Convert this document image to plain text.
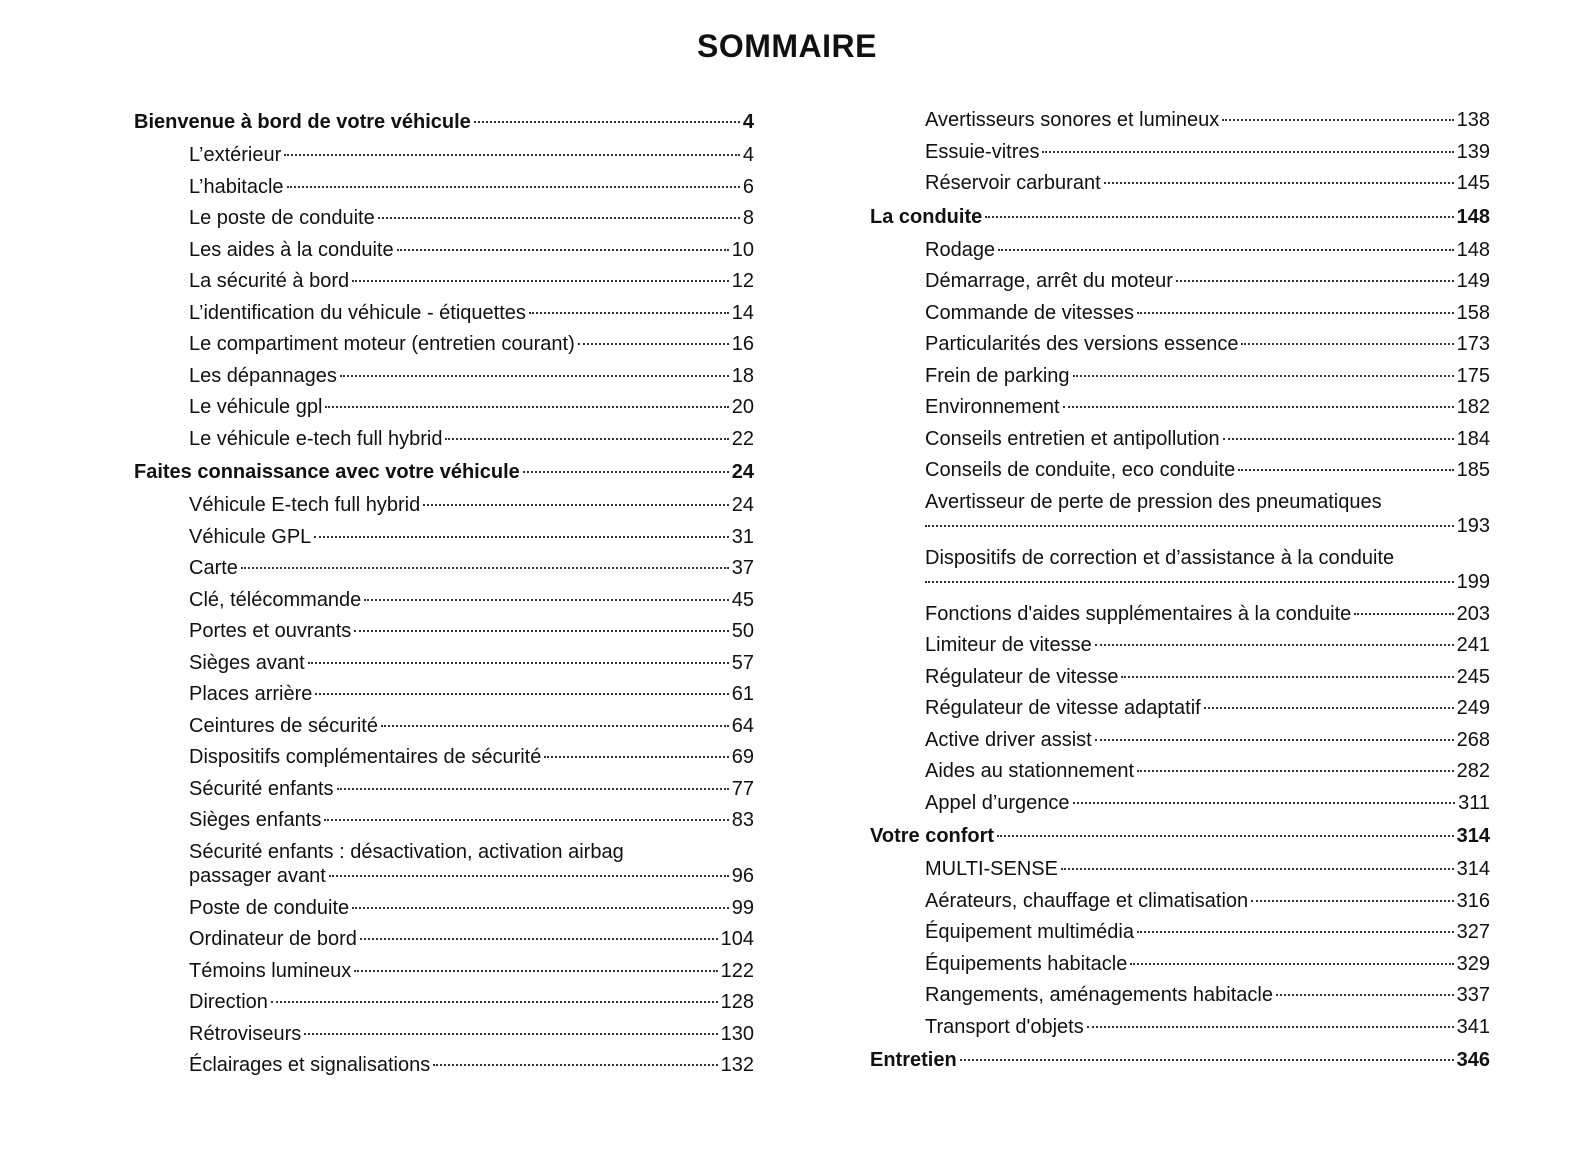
SOMMAIRE
Bienvenue à bord de votre véhicule	4
L’extérieur	4
L’habitacle	6
Le poste de conduite	8
Les aides à la conduite	10
La sécurité à bord	12
L’identification du véhicule - étiquettes	14
Le compartiment moteur (entretien courant)	16
Les dépannages	18
Le véhicule gpl	20
Le véhicule e-tech full hybrid	22
Faites connaissance avec votre véhicule	24
Véhicule E-tech full hybrid	24
Véhicule GPL	31
Carte	37
Clé, télécommande	45
Portes et ouvrants	50
Sièges avant	57
Places arrière	61
Ceintures de sécurité	64
Dispositifs complémentaires de sécurité	69
Sécurité enfants	77
Sièges enfants	83
Sécurité enfants : désactivation, activation airbag
passager avant	96
Poste de conduite	99
Ordinateur de bord	104
Témoins lumineux	122
Direction	128
Rétroviseurs	130
Éclairages et signalisations	132
Avertisseurs sonores et lumineux	138
Essuie-vitres	139
Réservoir carburant	145
La conduite	148
Rodage	148
Démarrage, arrêt du moteur	149
Commande de vitesses	158
Particularités des versions essence	173
Frein de parking	175
Environnement	182
Conseils entretien et antipollution	184
Conseils de conduite, eco conduite	185
Avertisseur de perte de pression des pneumatiques
193
Dispositifs de correction et d’assistance à la conduite
199
Fonctions d'aides supplémentaires à la conduite	203
Limiteur de vitesse	241
Régulateur de vitesse	245
Régulateur de vitesse adaptatif	249
Active driver assist	268
Aides au stationnement	282
Appel d’urgence	311
Votre confort	314
MULTI-SENSE	314
Aérateurs, chauffage et climatisation	316
Équipement multimédia	327
Équipements habitacle	329
Rangements, aménagements habitacle	337
Transport d'objets	341
Entretien	346
